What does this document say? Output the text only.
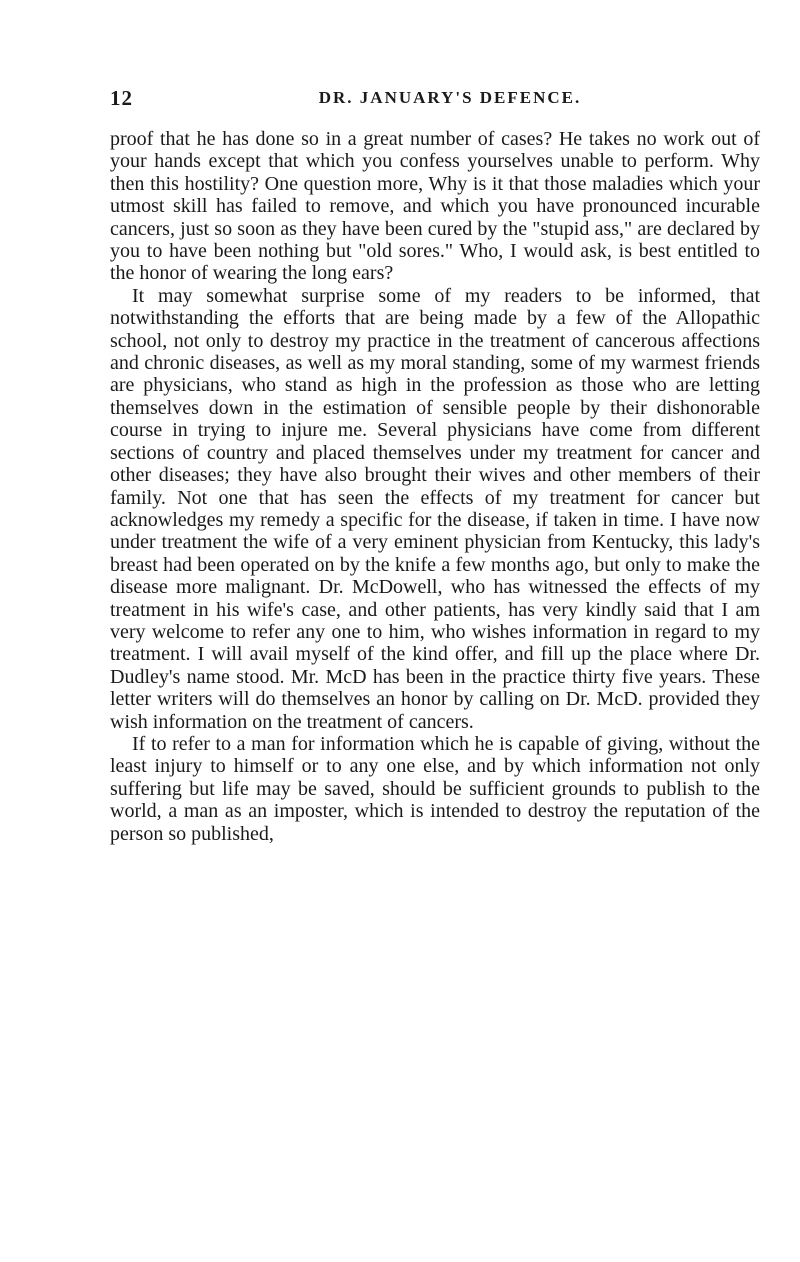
12	DR. JANUARY'S DEFENCE.

proof that he has done so in a great number of cases? He takes no work out of your hands except that which you confess yourselves unable to perform. Why then this hostility? One question more, Why is it that those maladies which your utmost skill has failed to remove, and which you have pronounced incurable cancers, just so soon as they have been cured by the "stupid ass," are declared by you to have been nothing but "old sores." Who, I would ask, is best entitled to the honor of wearing the long ears?

It may somewhat surprise some of my readers to be informed, that notwithstanding the efforts that are being made by a few of the Allopathic school, not only to destroy my practice in the treatment of cancerous affections and chronic diseases, as well as my moral standing, some of my warmest friends are physicians, who stand as high in the profession as those who are letting themselves down in the estimation of sensible people by their dishonorable course in trying to injure me. Several physicians have come from different sections of country and placed themselves under my treatment for cancer and other diseases; they have also brought their wives and other members of their family. Not one that has seen the effects of my treatment for cancer but acknowledges my remedy a specific for the disease, if taken in time. I have now under treatment the wife of a very eminent physician from Kentucky, this lady's breast had been operated on by the knife a few months ago, but only to make the disease more malignant. Dr. McDowell, who has witnessed the effects of my treatment in his wife's case, and other patients, has very kindly said that I am very welcome to refer any one to him, who wishes information in regard to my treatment. I will avail myself of the kind offer, and fill up the place where Dr. Dudley's name stood. Mr. McD has been in the practice thirty five years. These letter writers will do themselves an honor by calling on Dr. McD. provided they wish information on the treatment of cancers.

If to refer to a man for information which he is capable of giving, without the least injury to himself or to any one else, and by which information not only suffering but life may be saved, should be sufficient grounds to publish to the world, a man as an imposter, which is intended to destroy the reputation of the person so published,
